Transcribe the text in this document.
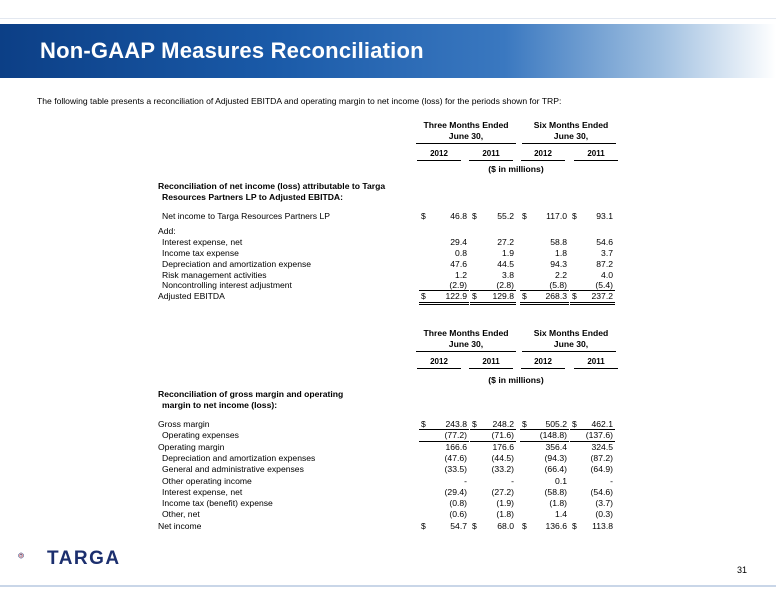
Non-GAAP Measures Reconciliation
The following table presents a reconciliation of Adjusted EBITDA and operating margin to net income (loss) for the periods shown for TRP:
Three Months Ended
June 30,
Six Months Ended
June 30,
2012	2011	2012	2011
($ in millions)
Reconciliation of net income (loss) attributable to Targa
Resources Partners LP to Adjusted EBITDA:
Net income to Targa Resources Partners LP	$	46.8 $	55.2 $	117.0 $	93.1
Add:
Interest expense, net	29.4	27.2	58.8	54.6
Income tax expense	0.8	1.9	1.8	3.7
Depreciation and amortization expense	47.6	44.5	94.3	87.2
Risk management activities	1.2	3.8	2.2	4.0
Noncontrolling interest adjustment	(2.9)	(2.8)	(5.8)	(5.4)
Adjusted EBITDA	$	122.9 $	129.8 $	268.3 $	237.2
Three Months Ended
June 30,
Six Months Ended
June 30,
2012	2011	2012	2011
($ in millions)
Reconciliation of gross margin and operating
margin to net income (loss):
Gross margin	$	243.8 $	248.2 $	505.2 $	462.1
Operating expenses	(77.2)	(71.6)	(148.8)	(137.6)
Operating margin	166.6	176.6	356.4	324.5
Depreciation and amortization expenses	(47.6)	(44.5)	(94.3)	(87.2)
General and administrative expenses	(33.5)	(33.2)	(66.4)	(64.9)
Other operating income	-	-	0.1	-
Interest expense, net	(29.4)	(27.2)	(58.8)	(54.6)
Income tax (benefit) expense	(0.8)	(1.9)	(1.8)	(3.7)
Other, net	(0.6)	(1.8)	1.4	(0.3)
Net income	$	54.7 $	68.0 $	136.6 $	113.8
TARGA
31
